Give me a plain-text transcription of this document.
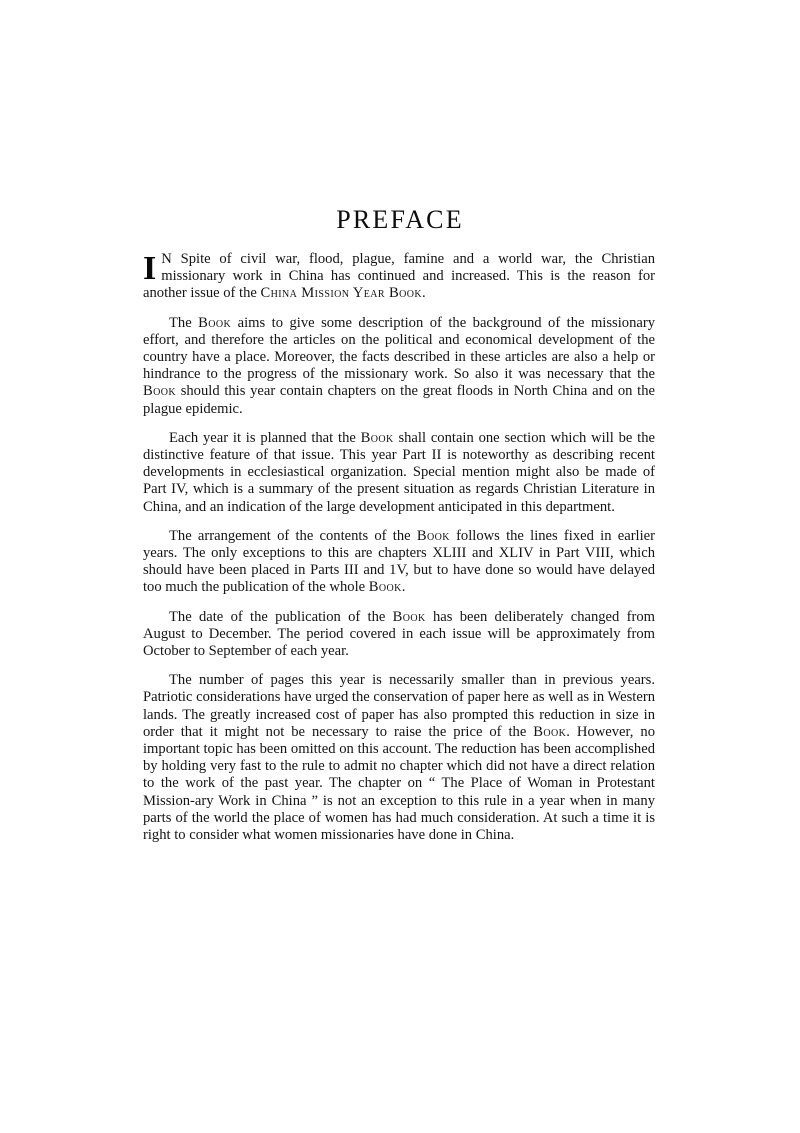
PREFACE

I N Spite of civil war, flood, plague, famine and a world war, the Christian missionary work in China has continued and increased. This is the reason for another issue of the China Mission Year Book.

The Book aims to give some description of the background of the missionary effort, and therefore the articles on the political and economical development of the country have a place. Moreover, the facts described in these articles are also a help or hindrance to the progress of the missionary work. So also it was necessary that the Book should this year contain chapters on the great floods in North China and on the plague epidemic.

Each year it is planned that the Book shall contain one section which will be the distinctive feature of that issue. This year Part II is noteworthy as describing recent developments in ecclesiastical organization. Special mention might also be made of Part IV, which is a summary of the present situation as regards Christian Literature in China, and an indication of the large development anticipated in this department.

The arrangement of the contents of the Book follows the lines fixed in earlier years. The only exceptions to this are chapters XLIII and XLIV in Part VIII, which should have been placed in Parts III and 1V, but to have done so would have delayed too much the publication of the whole Book.

The date of the publication of the Book has been deliberately changed from August to December. The period covered in each issue will be approximately from October to September of each year.

The number of pages this year is necessarily smaller than in previous years. Patriotic considerations have urged the conservation of paper here as well as in Western lands. The greatly increased cost of paper has also prompted this reduction in size in order that it might not be necessary to raise the price of the Book. However, no important topic has been omitted on this account. The reduction has been accomplished by holding very fast to the rule to admit no chapter which did not have a direct relation to the work of the past year. The chapter on “ The Place of Woman in Protestant Mission-ary Work in China ” is not an exception to this rule in a year when in many parts of the world the place of women has had much consideration. At such a time it is right to consider what women missionaries have done in China.
